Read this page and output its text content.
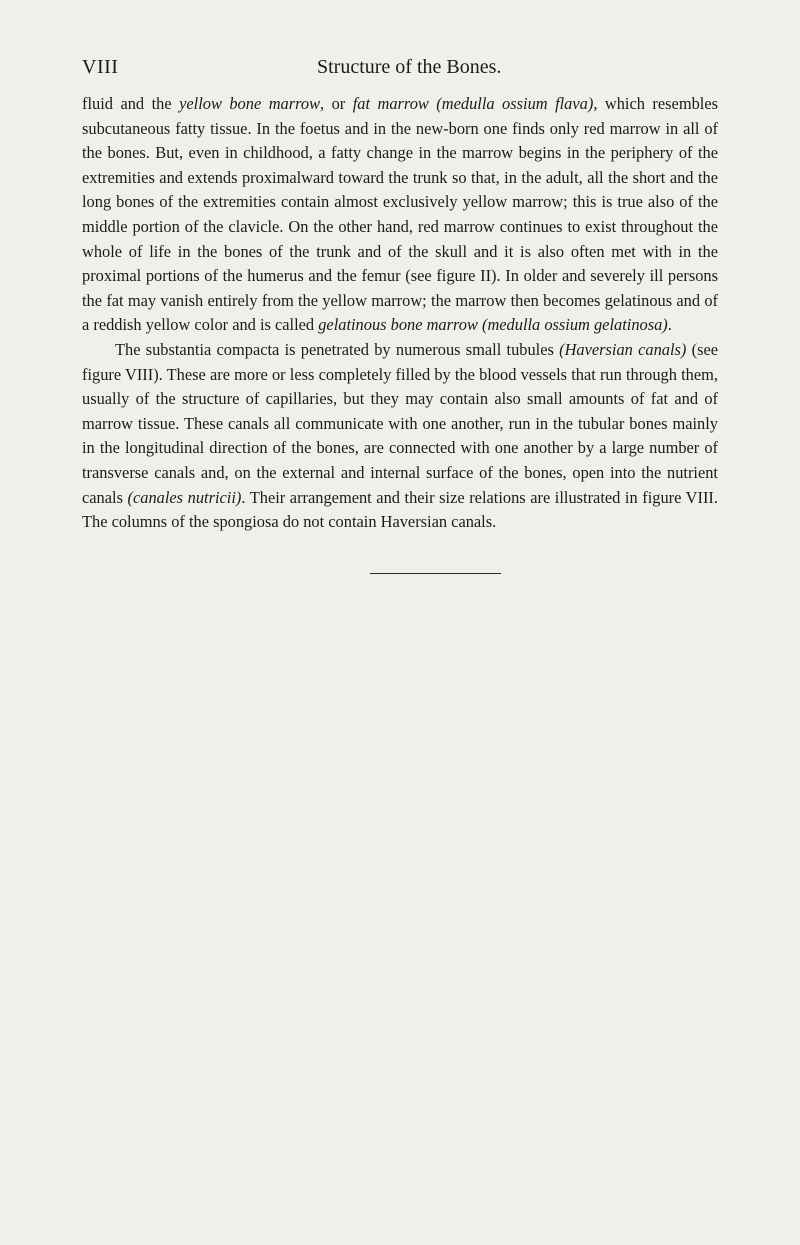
VIII	Structure of the Bones.

fluid and the yellow bone marrow, or fat marrow (medulla ossium flava), which resembles subcutaneous fatty tissue. In the foetus and in the new-born one finds only red marrow in all of the bones. But, even in childhood, a fatty change in the marrow begins in the periphery of the extremities and extends proximalward toward the trunk so that, in the adult, all the short and the long bones of the extremities contain almost exclusively yellow marrow; this is true also of the middle portion of the clavicle. On the other hand, red marrow continues to exist throughout the whole of life in the bones of the trunk and of the skull and it is also often met with in the proximal portions of the humerus and the femur (see figure II). In older and severely ill persons the fat may vanish entirely from the yellow marrow; the marrow then becomes gelatinous and of a reddish yellow color and is called gelatinous bone marrow (medulla ossium gelatinosa).

The substantia compacta is penetrated by numerous small tubules (Haversian canals) (see figure VIII). These are more or less completely filled by the blood vessels that run through them, usually of the structure of capillaries, but they may contain also small amounts of fat and of marrow tissue. These canals all communicate with one another, run in the tubular bones mainly in the longitudinal direction of the bones, are connected with one another by a large number of transverse canals and, on the external and internal surface of the bones, open into the nutrient canals (canales nutricii). Their arrangement and their size relations are illustrated in figure VIII. The columns of the spongiosa do not contain Haversian canals.
